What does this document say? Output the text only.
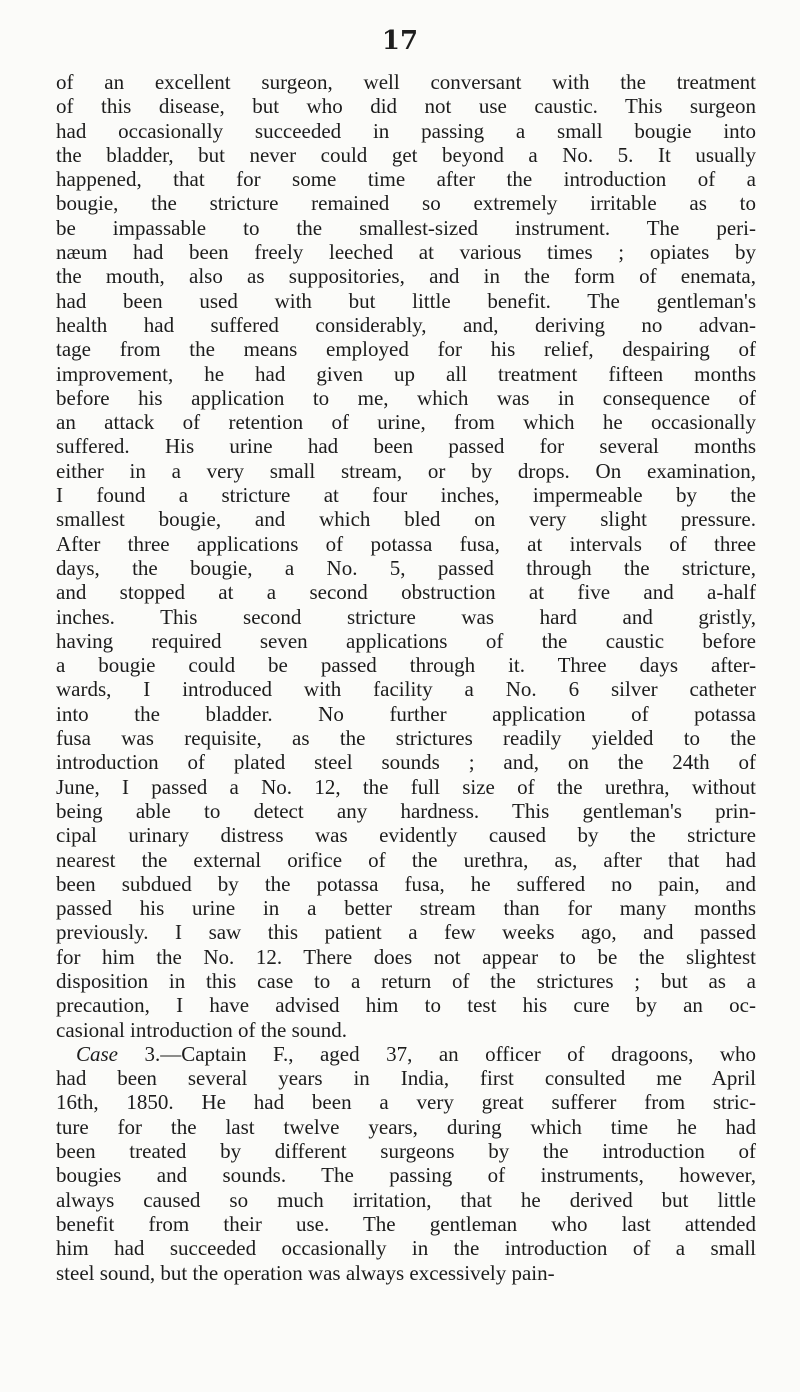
17
of an excellent surgeon, well conversant with the treatment
of this disease, but who did not use caustic. This surgeon
had occasionally succeeded in passing a small bougie into
the bladder, but never could get beyond a No. 5. It usually
happened, that for some time after the introduction of a
bougie, the stricture remained so extremely irritable as to
be impassable to the smallest-sized instrument. The peri-
næum had been freely leeched at various times ; opiates by
the mouth, also as suppositories, and in the form of enemata,
had been used with but little benefit. The gentleman's
health had suffered considerably, and, deriving no advan-
tage from the means employed for his relief, despairing of
improvement, he had given up all treatment fifteen months
before his application to me, which was in consequence of
an attack of retention of urine, from which he occasionally
suffered. His urine had been passed for several months
either in a very small stream, or by drops. On examination,
I found a stricture at four inches, impermeable by the
smallest bougie, and which bled on very slight pressure.
After three applications of potassa fusa, at intervals of three
days, the bougie, a No. 5, passed through the stricture,
and stopped at a second obstruction at five and a-half
inches. This second stricture was hard and gristly,
having required seven applications of the caustic before
a bougie could be passed through it. Three days after-
wards, I introduced with facility a No. 6 silver catheter
into the bladder. No further application of potassa
fusa was requisite, as the strictures readily yielded to the
introduction of plated steel sounds ; and, on the 24th of
June, I passed a No. 12, the full size of the urethra, without
being able to detect any hardness. This gentleman's prin-
cipal urinary distress was evidently caused by the stricture
nearest the external orifice of the urethra, as, after that had
been subdued by the potassa fusa, he suffered no pain, and
passed his urine in a better stream than for many months
previously. I saw this patient a few weeks ago, and passed
for him the No. 12. There does not appear to be the slightest
disposition in this case to a return of the strictures ; but as a
precaution, I have advised him to test his cure by an oc-
casional introduction of the sound.
Case 3.—Captain F., aged 37, an officer of dragoons, who
had been several years in India, first consulted me April
16th, 1850. He had been a very great sufferer from stric-
ture for the last twelve years, during which time he had
been treated by different surgeons by the introduction of
bougies and sounds. The passing of instruments, however,
always caused so much irritation, that he derived but little
benefit from their use. The gentleman who last attended
him had succeeded occasionally in the introduction of a small
steel sound, but the operation was always excessively pain-
